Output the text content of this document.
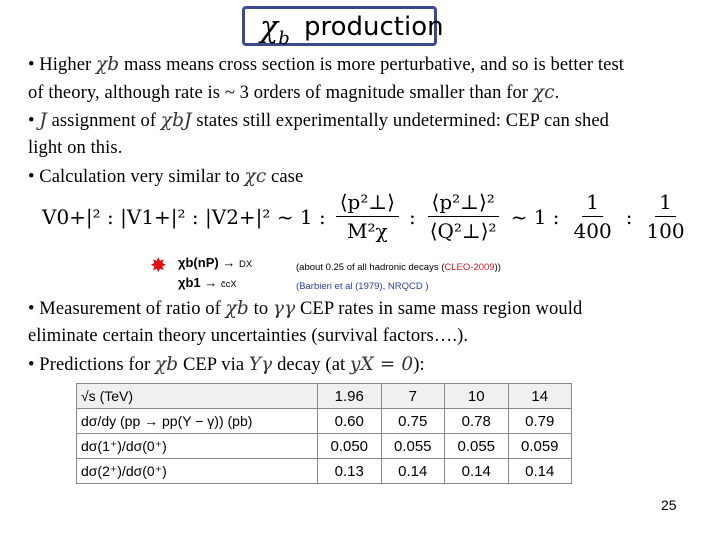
$\chi_b$ production
• Higher χb mass means cross section is more perturbative, and so is better test
of theory, although rate is ~ 3 orders of magnitude smaller than for χc.
• J assignment of χbJ states still experimentally undetermined: CEP can shed
light on this.
• Calculation very similar to χc case
V0+|² : |V1+|² : |V2+|² ~ 1 : $\frac{\text{⟨p²⊥⟩}}{\text{M²χ}}$ : $\frac{\text{⟨p²⊥⟩²}}{\text{⟨Q²⊥⟩²}}$ ~ 1 : $\frac{1}{400}$ : $\frac{1}{100}$
✸ χb(nP) → DX	(about 0.25 of all hadronic decays (CLEO-2009))
χb1 → c̄cX	(Barbieri et al (1979), NRQCD )
• Measurement of ratio of χb to γγ CEP rates in same mass region would
eliminate certain theory uncertainties (survival factors….).
• Predictions for χb CEP via Υγ decay (at yX = 0):
√s (TeV)	1.96	7	10	14
dσ/dy (pp → pp(Υ − γ)) (pb)	0.60	0.75	0.78	0.79
dσ(1⁺)/dσ(0⁺)	0.050	0.055	0.055	0.059
dσ(2⁺)/dσ(0⁺)	0.13	0.14	0.14	0.14
25
